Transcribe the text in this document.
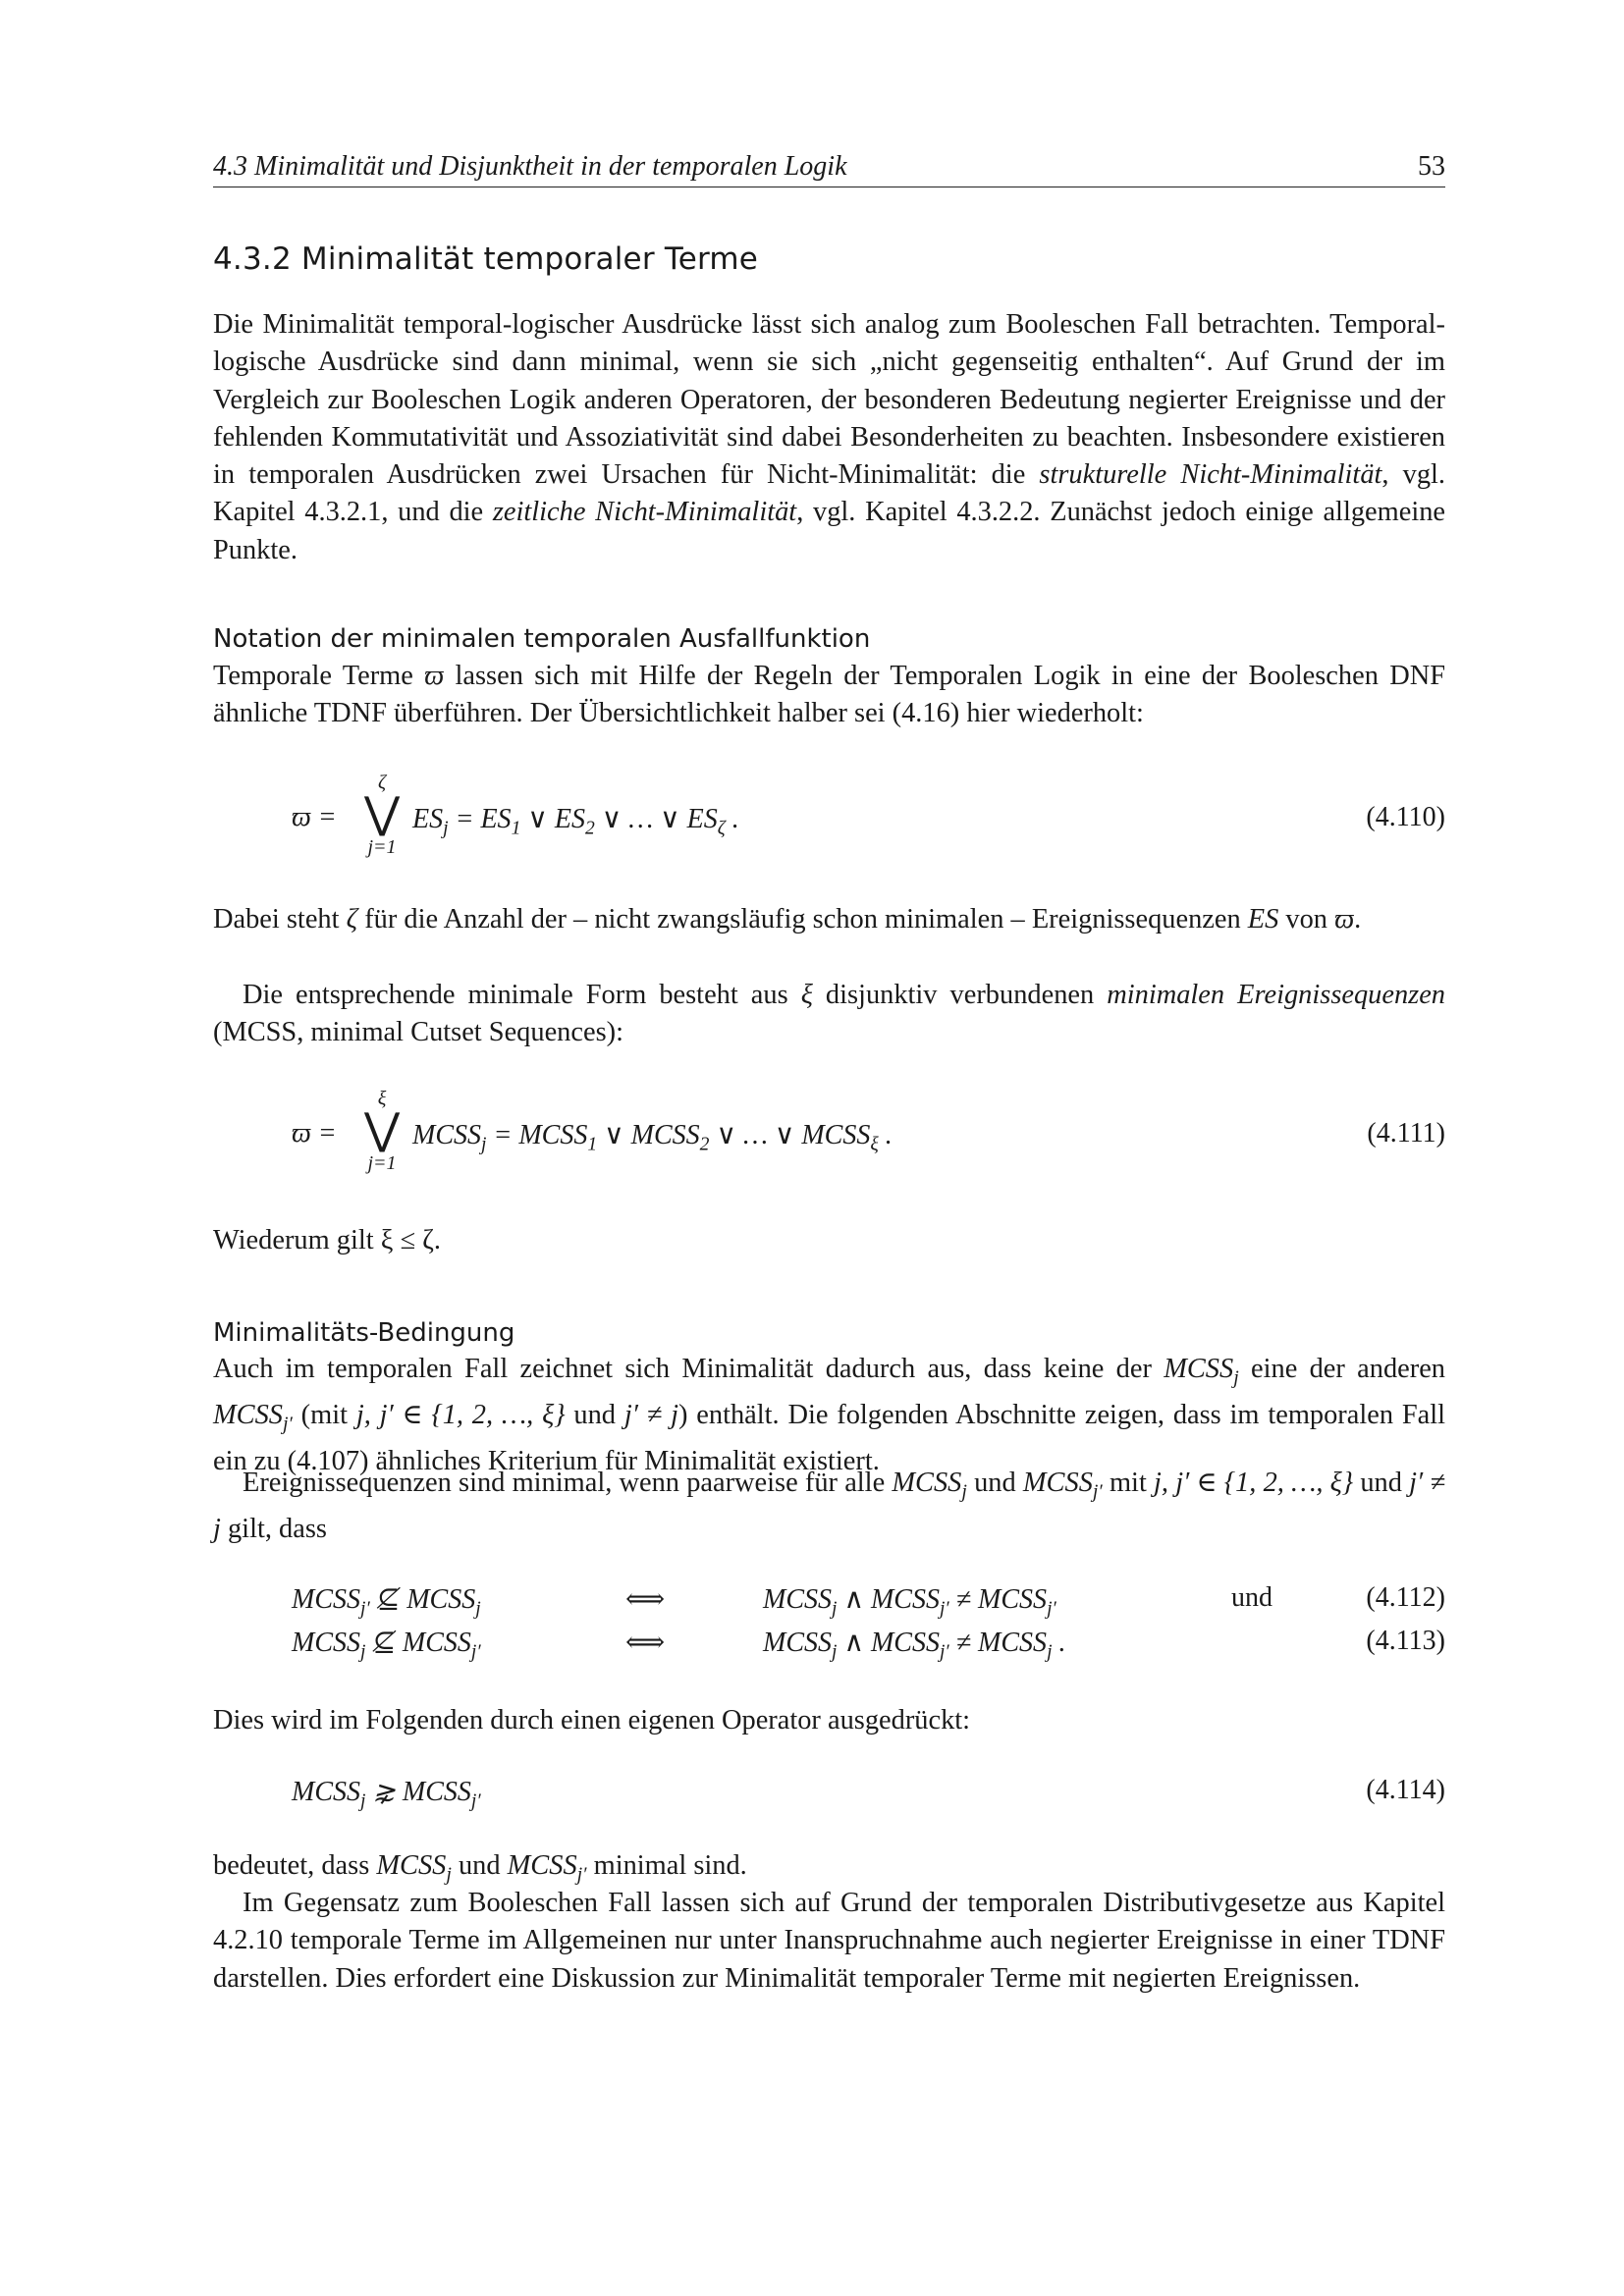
4.3 Minimalität und Disjunktheit in der temporalen Logik	53
4.3.2 Minimalität temporaler Terme

Die Minimalität temporal-logischer Ausdrücke lässt sich analog zum Booleschen Fall betrachten. Temporal-logische Ausdrücke sind dann minimal, wenn sie sich „nicht gegenseitig enthalten“. Auf Grund der im Vergleich zur Booleschen Logik anderen Operatoren, der besonderen Bedeutung negierter Ereignisse und der fehlenden Kommutativität und Assoziativität sind dabei Besonderheiten zu beachten. Insbesondere existieren in temporalen Ausdrücken zwei Ursachen für Nicht-Minimalität: die strukturelle Nicht-Minimalität, vgl. Kapitel 4.3.2.1, und die zeitliche Nicht-Minimalität, vgl. Kapitel 4.3.2.2. Zunächst jedoch einige allgemeine Punkte.

Notation der minimalen temporalen Ausfallfunktion

Temporale Terme ϖ lassen sich mit Hilfe der Regeln der Temporalen Logik in eine der Booleschen DNF ähnliche TDNF überführen. Der Übersichtlichkeit halber sei (4.16) hier wiederholt:

ϖ =
ζ
⋁
j=1
$ES_j = ES_1$ ∨ $ES_2$ ∨ … ∨ $ES_\zeta$ .	(4.110)

Dabei steht ζ für die Anzahl der – nicht zwangsläufig schon minimalen – Ereignissequenzen ES von ϖ.

Die entsprechende minimale Form besteht aus ξ disjunktiv verbundenen minimalen Ereignissequenzen (MCSS, minimal Cutset Sequences):

ϖ =
ξ
⋁
j=1
$MCSS_j$ = $MCSS_1$ ∨ $MCSS_2$ ∨ … ∨ $MCSS_\xi$ .	(4.111)

Wiederum gilt ξ ≤ ζ.

Minimalitäts-Bedingung

Auch im temporalen Fall zeichnet sich Minimalität dadurch aus, dass keine der $MCSS_j$ eine der anderen $MCSS_{j'}$ (mit j, j′ ∈ {1, 2, …, ξ} und j′ ≠ j) enthält. Die folgenden Abschnitte zeigen, dass im temporalen Fall ein zu (4.107) ähnliches Kriterium für Minimalität existiert.

Ereignissequenzen sind minimal, wenn paarweise für alle $MCSS_j$ und $MCSS_{j'}$ mit j, j′ ∈ {1, 2, …, ξ} und j′ ≠ j gilt, dass

$MCSS_{j'}$ ⊈ $MCSS_j$	⟺	$MCSS_j$ ∧ $MCSS_{j'}$ ≠ $MCSS_{j'}$	und	(4.112)
$MCSS_j$ ⊈ $MCSS_{j'}$	⟺	$MCSS_j$ ∧ $MCSS_{j'}$ ≠ $MCSS_j$ .	(4.113)

Dies wird im Folgenden durch einen eigenen Operator ausgedrückt:

$MCSS_j$ ⋧ $MCSS_{j'}$	(4.114)

bedeutet, dass $MCSS_j$ und $MCSS_{j'}$ minimal sind.

Im Gegensatz zum Booleschen Fall lassen sich auf Grund der temporalen Distributivgesetze aus Kapitel 4.2.10 temporale Terme im Allgemeinen nur unter Inanspruchnahme auch negierter Ereignisse in einer TDNF darstellen. Dies erfordert eine Diskussion zur Minimalität temporaler Terme mit negierten Ereignissen.
